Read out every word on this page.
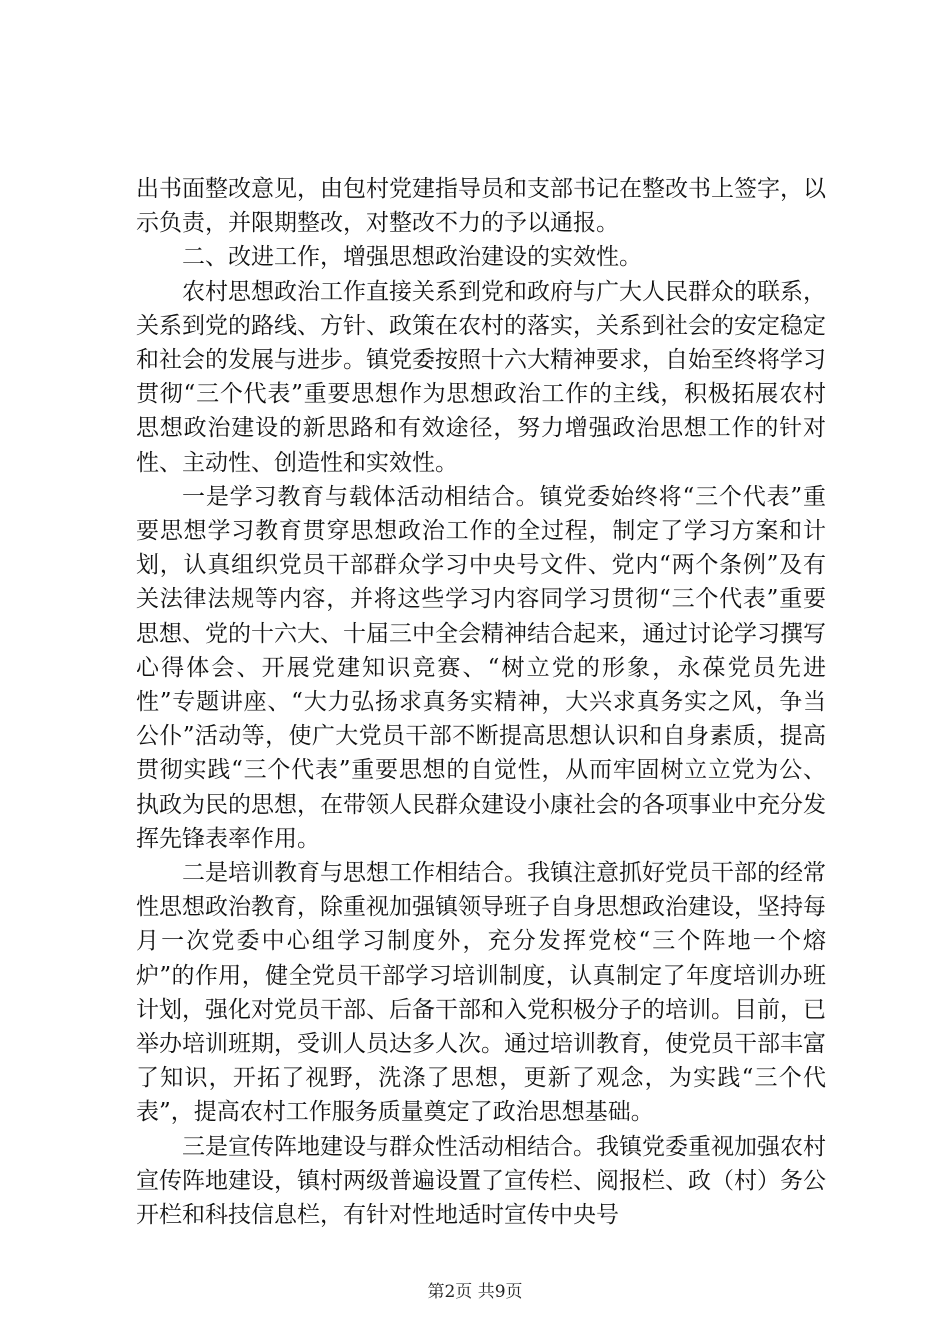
出书面整改意见，由包村党建指导员和支部书记在整改书上签字，以示负责，并限期整改，对整改不力的予以通报。

二、改进工作，增强思想政治建设的实效性。

农村思想政治工作直接关系到党和政府与广大人民群众的联系，关系到党的路线、方针、政策在农村的落实，关系到社会的安定稳定和社会的发展与进步。镇党委按照十六大精神要求，自始至终将学习贯彻“三个代表”重要思想作为思想政治工作的主线，积极拓展农村思想政治建设的新思路和有效途径，努力增强政治思想工作的针对性、主动性、创造性和实效性。

一是学习教育与载体活动相结合。镇党委始终将“三个代表”重要思想学习教育贯穿思想政治工作的全过程，制定了学习方案和计划，认真组织党员干部群众学习中央号文件、党内“两个条例”及有关法律法规等内容，并将这些学习内容同学习贯彻“三个代表”重要思想、党的十六大、十届三中全会精神结合起来，通过讨论学习撰写心得体会、开展党建知识竞赛、“树立党的形象，永葆党员先进性”专题讲座、“大力弘扬求真务实精神，大兴求真务实之风，争当公仆”活动等，使广大党员干部不断提高思想认识和自身素质，提高贯彻实践“三个代表”重要思想的自觉性，从而牢固树立立党为公、执政为民的思想，在带领人民群众建设小康社会的各项事业中充分发挥先锋表率作用。

二是培训教育与思想工作相结合。我镇注意抓好党员干部的经常性思想政治教育，除重视加强镇领导班子自身思想政治建设，坚持每月一次党委中心组学习制度外，充分发挥党校“三个阵地一个熔炉”的作用，健全党员干部学习培训制度，认真制定了年度培训办班计划，强化对党员干部、后备干部和入党积极分子的培训。目前，已举办培训班期，受训人员达多人次。通过培训教育，使党员干部丰富了知识，开拓了视野，洗涤了思想，更新了观念，为实践“三个代表”，提高农村工作服务质量奠定了政治思想基础。

三是宣传阵地建设与群众性活动相结合。我镇党委重视加强农村宣传阵地建设，镇村两级普遍设置了宣传栏、阅报栏、政（村）务公开栏和科技信息栏，有针对性地适时宣传中央号

第2页 共9页
